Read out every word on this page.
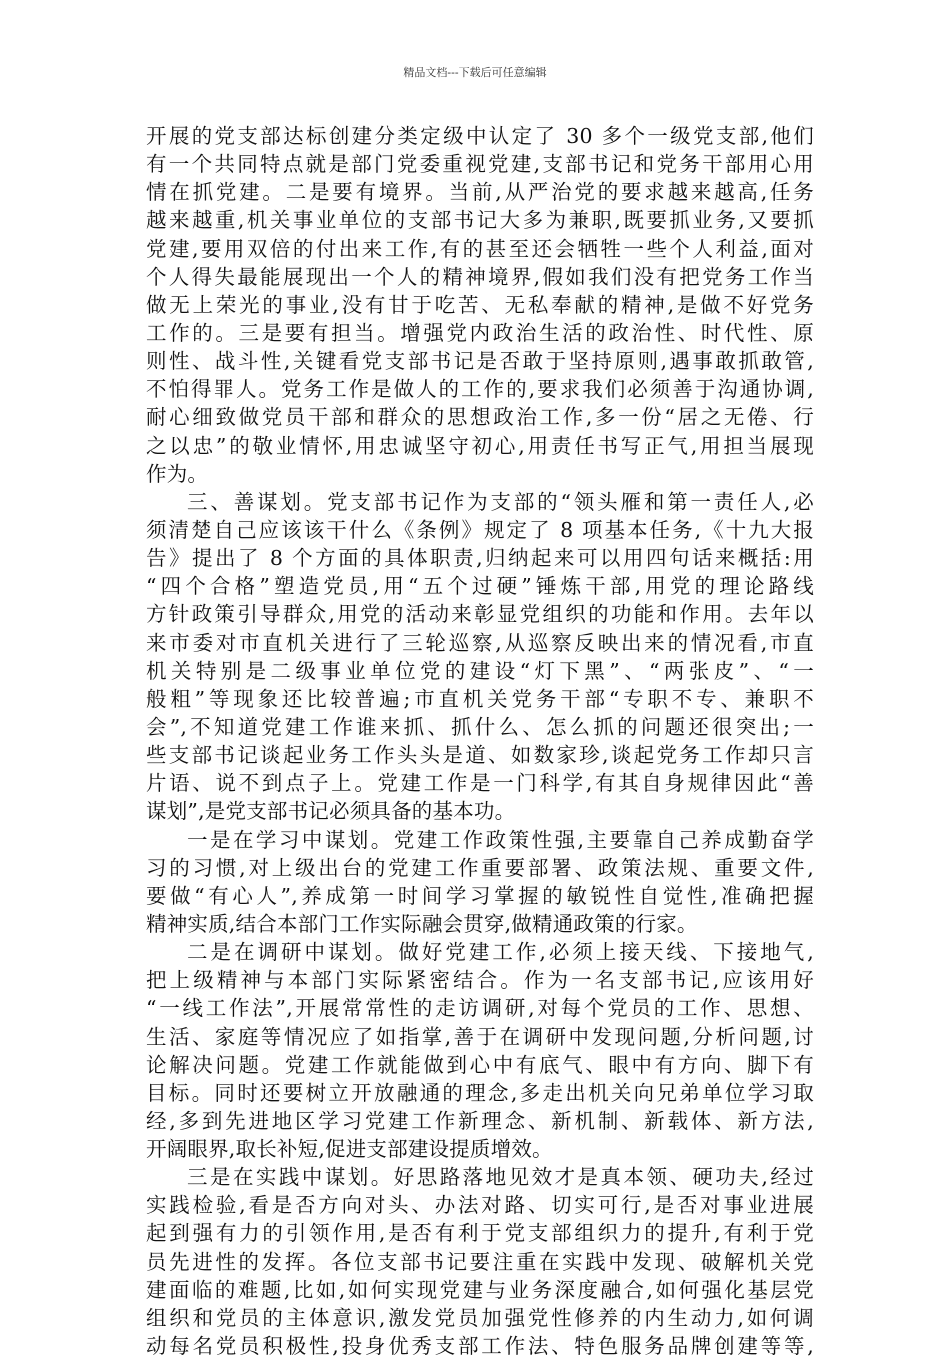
精品文档---下载后可任意编辑
开展的党支部达标创建分类定级中认定了 30 多个一级党支部,他们
有一个共同特点就是部门党委重视党建,支部书记和党务干部用心用
情在抓党建。二是要有境界。当前,从严治党的要求越来越高,任务
越来越重,机关事业单位的支部书记大多为兼职,既要抓业务,又要抓
党建,要用双倍的付出来工作,有的甚至还会牺牲一些个人利益,面对
个人得失最能展现出一个人的精神境界,假如我们没有把党务工作当
做无上荣光的事业,没有甘于吃苦、无私奉献的精神,是做不好党务
工作的。三是要有担当。增强党内政治生活的政治性、时代性、原
则性、战斗性,关键看党支部书记是否敢于坚持原则,遇事敢抓敢管,
不怕得罪人。党务工作是做人的工作的,要求我们必须善于沟通协调,
耐心细致做党员干部和群众的思想政治工作,多一份“居之无倦、行
之以忠”的敬业情怀,用忠诚坚守初心,用责任书写正气,用担当展现
作为。
三、善谋划。党支部书记作为支部的“领头雁和第一责任人,必
须清楚自己应该该干什么《条例》规定了 8 项基本任务,《十九大报
告》提出了 8 个方面的具体职责,归纳起来可以用四句话来概括:用
“四个合格”塑造党员,用“五个过硬”锤炼干部,用党的理论路线
方针政策引导群众,用党的活动来彰显党组织的功能和作用。去年以
来市委对市直机关进行了三轮巡察,从巡察反映出来的情况看,市直
机关特别是二级事业单位党的建设“灯下黑”、“两张皮”、“一
般粗”等现象还比较普遍;市直机关党务干部“专职不专、兼职不
会”,不知道党建工作谁来抓、抓什么、怎么抓的问题还很突出;一
些支部书记谈起业务工作头头是道、如数家珍,谈起党务工作却只言
片语、说不到点子上。党建工作是一门科学,有其自身规律因此“善
谋划”,是党支部书记必须具备的基本功。
一是在学习中谋划。党建工作政策性强,主要靠自己养成勤奋学
习的习惯,对上级出台的党建工作重要部署、政策法规、重要文件,
要做“有心人”,养成第一时间学习掌握的敏锐性自觉性,准确把握
精神实质,结合本部门工作实际融会贯穿,做精通政策的行家。
二是在调研中谋划。做好党建工作,必须上接天线、下接地气,
把上级精神与本部门实际紧密结合。作为一名支部书记,应该用好
“一线工作法”,开展常常性的走访调研,对每个党员的工作、思想、
生活、家庭等情况应了如指掌,善于在调研中发现问题,分析问题,讨
论解决问题。党建工作就能做到心中有底气、眼中有方向、脚下有
目标。同时还要树立开放融通的理念,多走出机关向兄弟单位学习取
经,多到先进地区学习党建工作新理念、新机制、新载体、新方法,
开阔眼界,取长补短,促进支部建设提质增效。
三是在实践中谋划。好思路落地见效才是真本领、硬功夫,经过
实践检验,看是否方向对头、办法对路、切实可行,是否对事业进展
起到强有力的引领作用,是否有利于党支部组织力的提升,有利于党
员先进性的发挥。各位支部书记要注重在实践中发现、破解机关党
建面临的难题,比如,如何实现党建与业务深度融合,如何强化基层党
组织和党员的主体意识,激发党员加强党性修养的内生动力,如何调
动每名党员积极性,投身优秀支部工作法、特色服务品牌创建等等,
